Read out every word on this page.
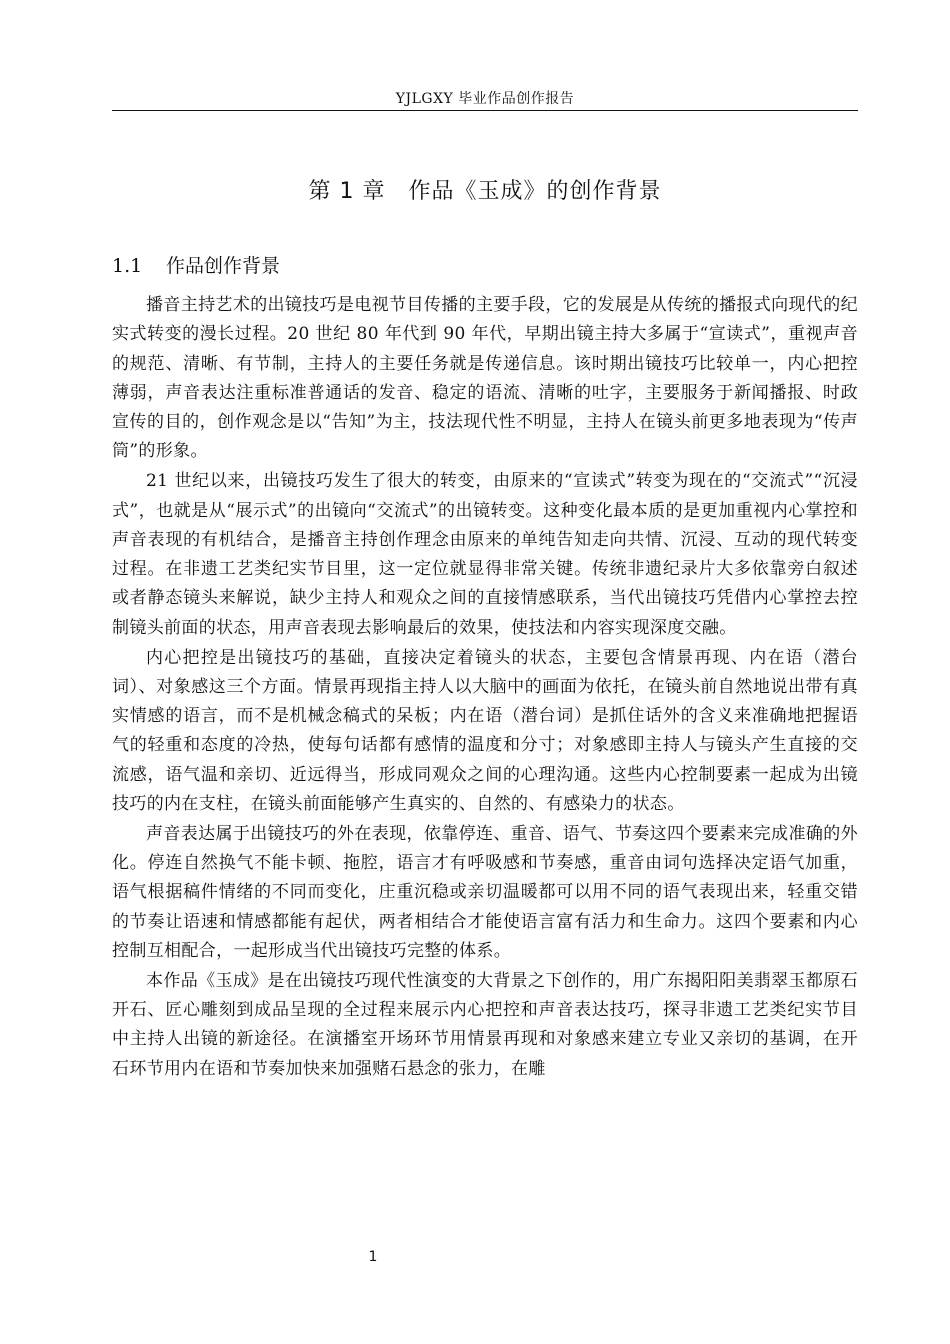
YJLGXY 毕业作品创作报告
第 1 章　作品《玉成》的创作背景
1.1 作品创作背景

播音主持艺术的出镜技巧是电视节目传播的主要手段，它的发展是从传统的播报式向现代的纪实式转变的漫长过程。20 世纪 80 年代到 90 年代，早期出镜主持大多属于“宣读式”，重视声音的规范、清晰、有节制，主持人的主要任务就是传递信息。该时期出镜技巧比较单一，内心把控薄弱，声音表达注重标准普通话的发音、稳定的语流、清晰的吐字，主要服务于新闻播报、时政宣传的目的，创作观念是以“告知”为主，技法现代性不明显，主持人在镜头前更多地表现为“传声筒”的形象。

21 世纪以来，出镜技巧发生了很大的转变，由原来的“宣读式”转变为现在的“交流式”“沉浸式”，也就是从“展示式”的出镜向“交流式”的出镜转变。这种变化最本质的是更加重视内心掌控和声音表现的有机结合，是播音主持创作理念由原来的单纯告知走向共情、沉浸、互动的现代转变过程。在非遗工艺类纪实节目里，这一定位就显得非常关键。传统非遗纪录片大多依靠旁白叙述或者静态镜头来解说，缺少主持人和观众之间的直接情感联系，当代出镜技巧凭借内心掌控去控制镜头前面的状态，用声音表现去影响最后的效果，使技法和内容实现深度交融。

内心把控是出镜技巧的基础，直接决定着镜头的状态，主要包含情景再现、内在语（潜台词）、对象感这三个方面。情景再现指主持人以大脑中的画面为依托，在镜头前自然地说出带有真实情感的语言，而不是机械念稿式的呆板；内在语（潜台词）是抓住话外的含义来准确地把握语气的轻重和态度的冷热，使每句话都有感情的温度和分寸；对象感即主持人与镜头产生直接的交流感，语气温和亲切、近远得当，形成同观众之间的心理沟通。这些内心控制要素一起成为出镜技巧的内在支柱，在镜头前面能够产生真实的、自然的、有感染力的状态。

声音表达属于出镜技巧的外在表现，依靠停连、重音、语气、节奏这四个要素来完成准确的外化。停连自然换气不能卡顿、拖腔，语言才有呼吸感和节奏感，重音由词句选择决定语气加重，语气根据稿件情绪的不同而变化，庄重沉稳或亲切温暖都可以用不同的语气表现出来，轻重交错的节奏让语速和情感都能有起伏，两者相结合才能使语言富有活力和生命力。这四个要素和内心控制互相配合，一起形成当代出镜技巧完整的体系。

本作品《玉成》是在出镜技巧现代性演变的大背景之下创作的，用广东揭阳阳美翡翠玉都原石开石、匠心雕刻到成品呈现的全过程来展示内心把控和声音表达技巧，探寻非遗工艺类纪实节目中主持人出镜的新途径。在演播室开场环节用情景再现和对象感来建立专业又亲切的基调，在开石环节用内在语和节奏加快来加强赌石悬念的张力，在雕

1
